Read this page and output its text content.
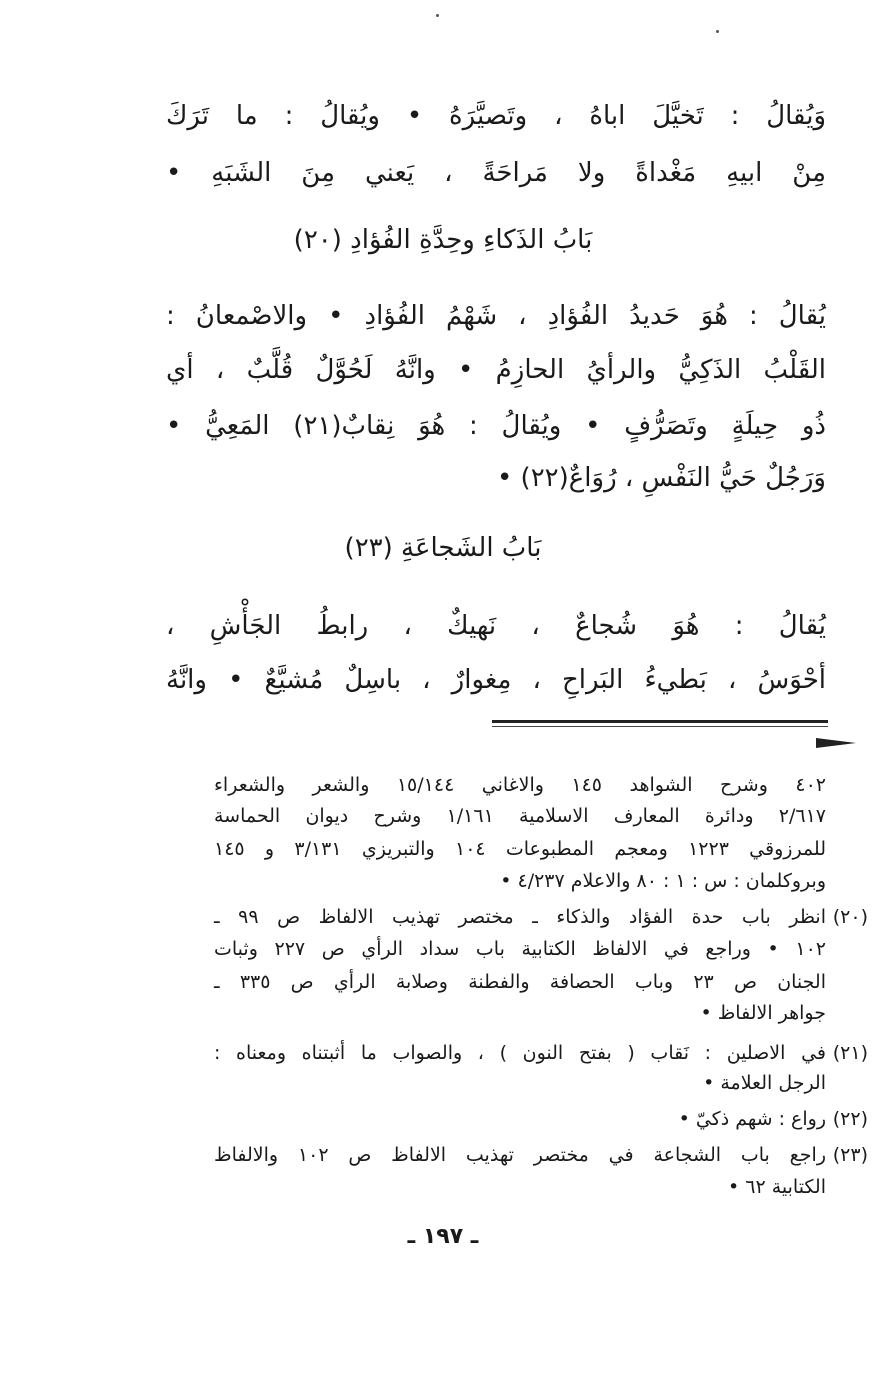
وَيُقالُ : تَخيَّلَ اباهُ ، وتَصيَّرَهُ • ويُقالُ : ما تَرَكَ
مِنْ ابيهِ مَغْداةً ولا مَراحَةً ، يَعني مِنَ الشَبَهِ •
بَابُ الذَكاءِ وحِدَّةِ الفُؤادِ (٢٠)
يُقالُ : هُوَ حَديدُ الفُؤادِ ، شَهْمُ الفُؤادِ • والاصْمعانُ :
القَلْبُ الذَكِيُّ والرأيُ الحازِمُ • وانَّهُ لَحُوَّلٌ قُلَّبٌ ، أي
ذُو حِيلَةٍ وتَصَرُّفٍ • ويُقالُ : هُوَ نِقابٌ(٢١) المَعِيُّ •
وَرَجُلٌ حَيُّ النَفْسِ ، رُوَاعٌ(٢٢) •
بَابُ الشَجاعَةِ (٢٣)
يُقالُ : هُوَ شُجاعٌ ، نَهيكٌ ، رابطُ الجَأْشِ ،
أحْوَسُ ، بَطيءُ البَراحِ ، مِغوارٌ ، باسِلٌ مُشيَّعٌ • وانَّهُ
٤٠٢ وشرح الشواهد ١٤٥ والاغاني ١٥/١٤٤ والشعر والشعراء
٢/٦١٧ ودائرة المعارف الاسلامية ١/١٦١ وشرح ديوان الحماسة
للمرزوقي ١٢٢٣ ومعجم المطبوعات ١٠٤ والتبريزي ٣/١٣١ و ١٤٥
وبروكلمان : س : ١ : ٨٠ والاعلام ٤/٢٣٧ •
(٢٠)
انظر باب حدة الفؤاد والذكاء ـ مختصر تهذيب الالفاظ ص ٩٩ ـ
١٠٢ • وراجع في الالفاظ الكتابية باب سداد الرأي ص ٢٢٧ وثبات
الجنان ص ٢٣ وباب الحصافة والفطنة وصلابة الرأي ص ٣٣٥ ـ
جواهر الالفاظ •
(٢١)
في الاصلين : نَقاب ( بفتح النون ) ، والصواب ما أثبتناه ومعناه :
الرجل العلامة •
(٢٢)
رواع : شهم ذكيّ •
(٢٣)
راجع باب الشجاعة في مختصر تهذيب الالفاظ ص ١٠٢ والالفاظ
الكتابية ٦٢ •
ـ ١٩٧ ـ
